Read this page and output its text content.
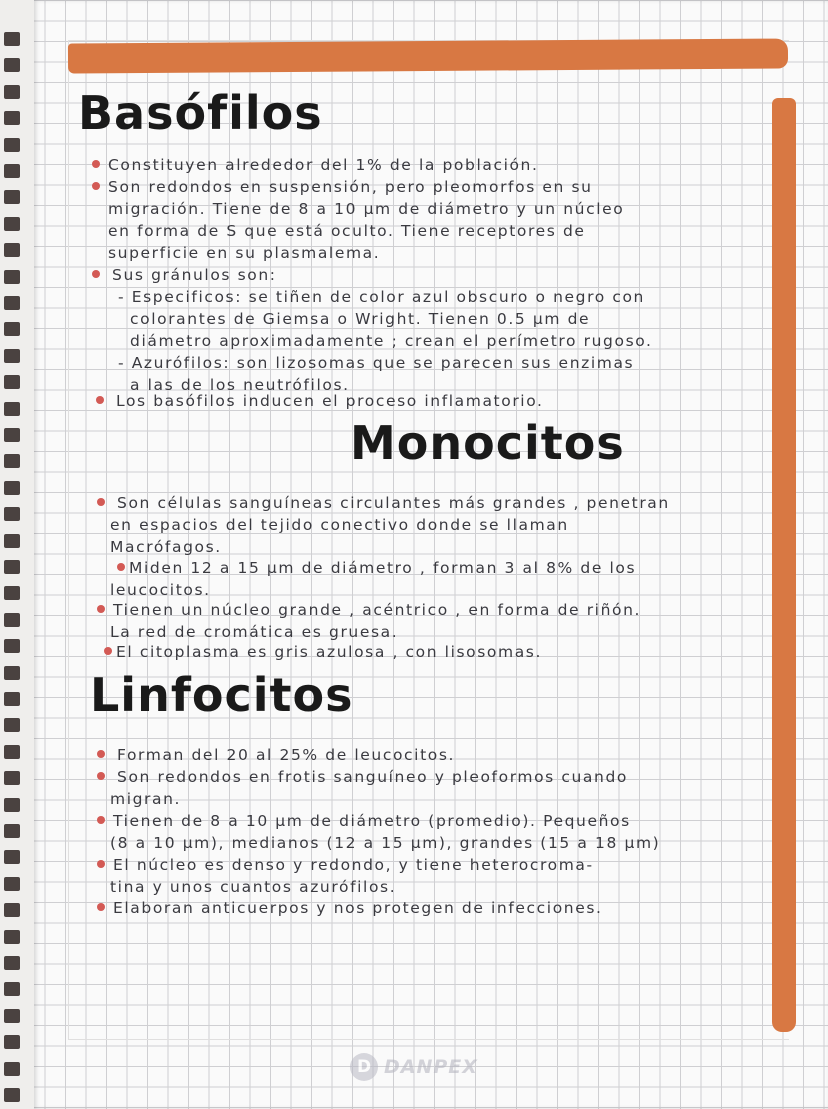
Basófilos

Constituyen alrededor del 1% de la población.

Son redondos en suspensión, pero pleomorfos en su

migración. Tiene de 8 a 10 µm de diámetro y un núcleo

en forma de S que está oculto. Tiene receptores de

superficie en su plasmalema.

Sus gránulos son:

- Especificos: se tiñen de color azul obscuro o negro con

colorantes de Giemsa o Wright. Tienen 0.5 µm de

diámetro aproximadamente ; crean el perímetro rugoso.

- Azurófilos: son lizosomas que se parecen sus enzimas

a las de los neutrófilos.

Los basófilos inducen el proceso inflamatorio.

Monocitos

Son células sanguíneas circulantes más grandes , penetran

en espacios del tejido conectivo donde se llaman

Macrófagos.

Miden 12 a 15 µm de diámetro , forman 3 al 8% de los

leucocitos.

Tienen un núcleo grande , acéntrico , en forma de riñón.

La red de cromática es gruesa.

El citoplasma es gris azulosa , con lisosomas.

Linfocitos

Forman del 20 al 25% de leucocitos.

Son redondos en frotis sanguíneo y pleoformos cuando

migran.

Tienen de 8 a 10 µm de diámetro (promedio). Pequeños

(8 a 10 µm), medianos (12 a 15 µm), grandes (15 a 18 µm)

El núcleo es denso y redondo, y tiene heterocroma-

tina y unos cuantos azurófilos.

Elaboran anticuerpos y nos protegen de infecciones.

D DANPEX
